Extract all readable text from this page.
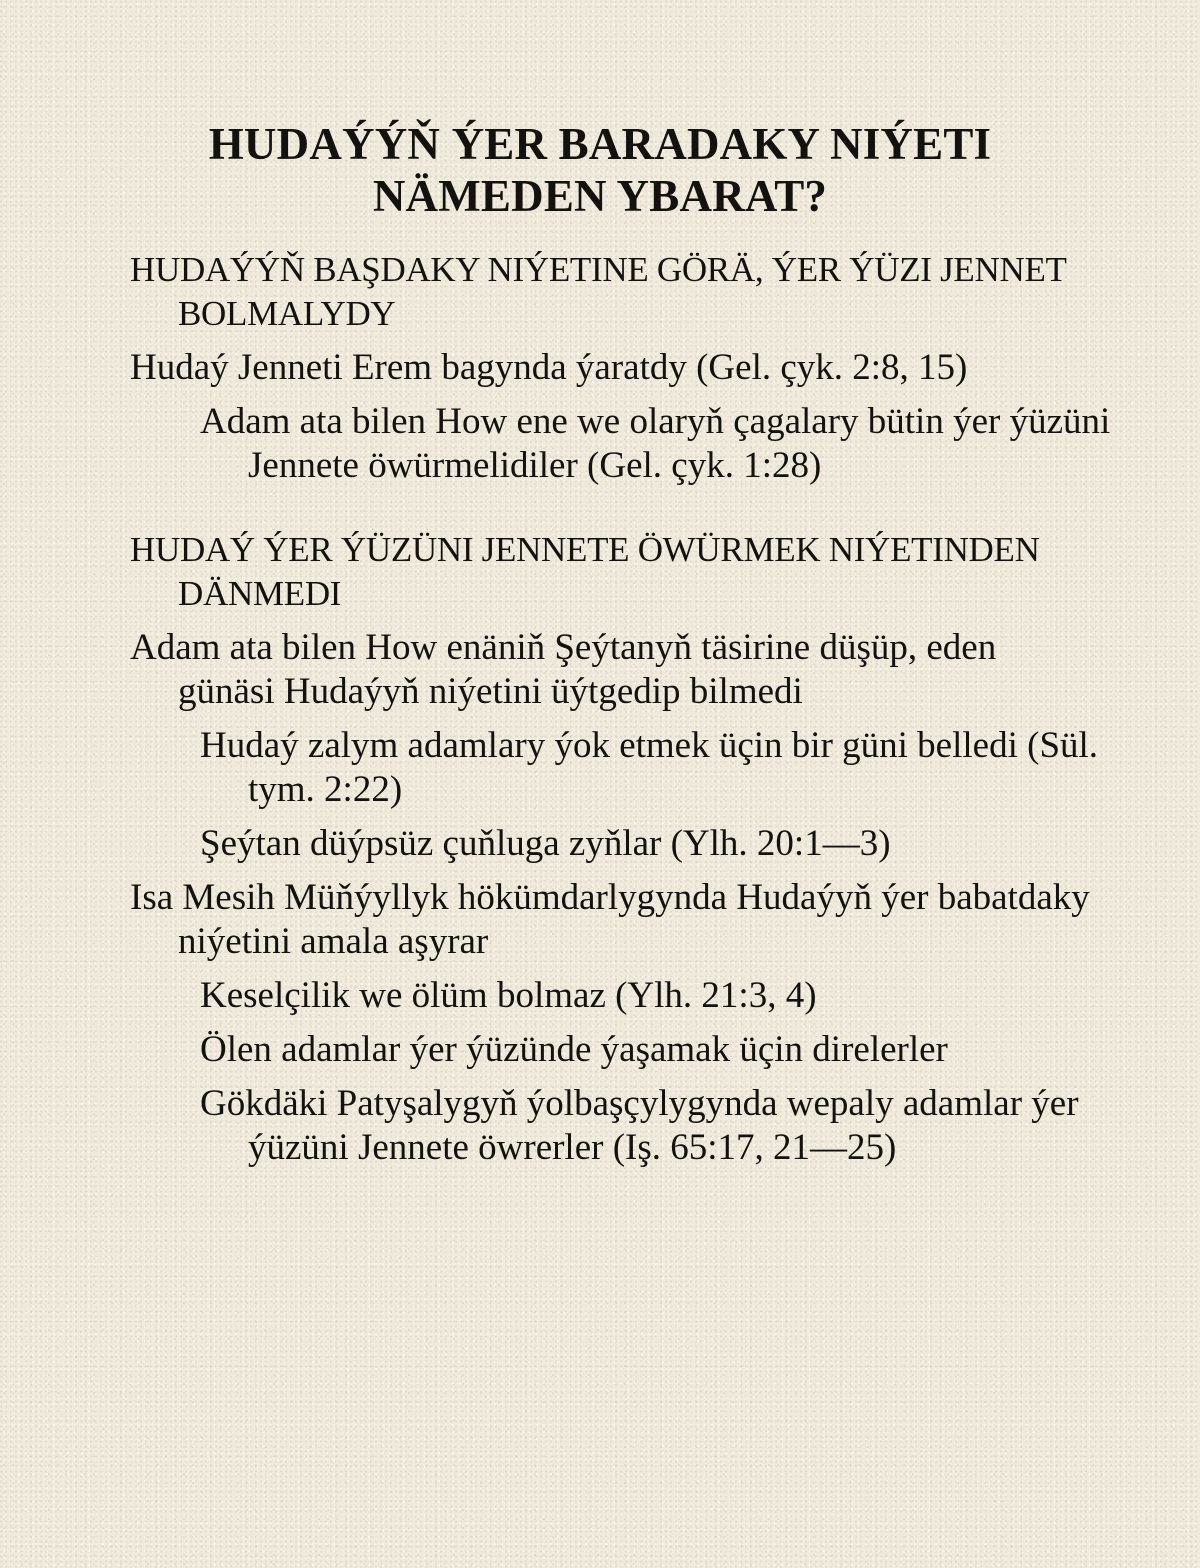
HUDAÝÝŇ ÝER BARADAKY NIÝETI
NÄMEDEN YBARAT?
HUDAÝÝŇ BAŞDAKY NIÝETINE GÖRÄ, ÝER ÝÜZI JENNET BOLMALYDY
Hudaý Jenneti Erem bagynda ýaratdy (Gel. çyk. 2:8, 15)
Adam ata bilen How ene we olaryň çagalary bütin ýer ýüzüni Jennete öwürmelidiler (Gel. çyk. 1:28)
HUDAÝ ÝER ÝÜZÜNI JENNETE ÖWÜRMEK NIÝETINDEN DÄNMEDI
Adam ata bilen How enäniň Şeýtanyň täsirine düşüp, eden günäsi Hudaýyň niýetini üýtgedip bilmedi
Hudaý zalym adamlary ýok etmek üçin bir güni belledi (Sül. tym. 2:22)
Şeýtan düýpsüz çuňluga zyňlar (Ylh. 20:1—3)
Isa Mesih Müňýyllyk hökümdarlygynda Hudaýyň ýer babatdaky niýetini amala aşyrar
Keselçilik we ölüm bolmaz (Ylh. 21:3, 4)
Ölen adamlar ýer ýüzünde ýaşamak üçin direlerler
Gökdäki Patyşalygyň ýolbaşçylygynda wepaly adamlar ýer ýüzüni Jennete öwrerler (Iş. 65:17, 21—25)
